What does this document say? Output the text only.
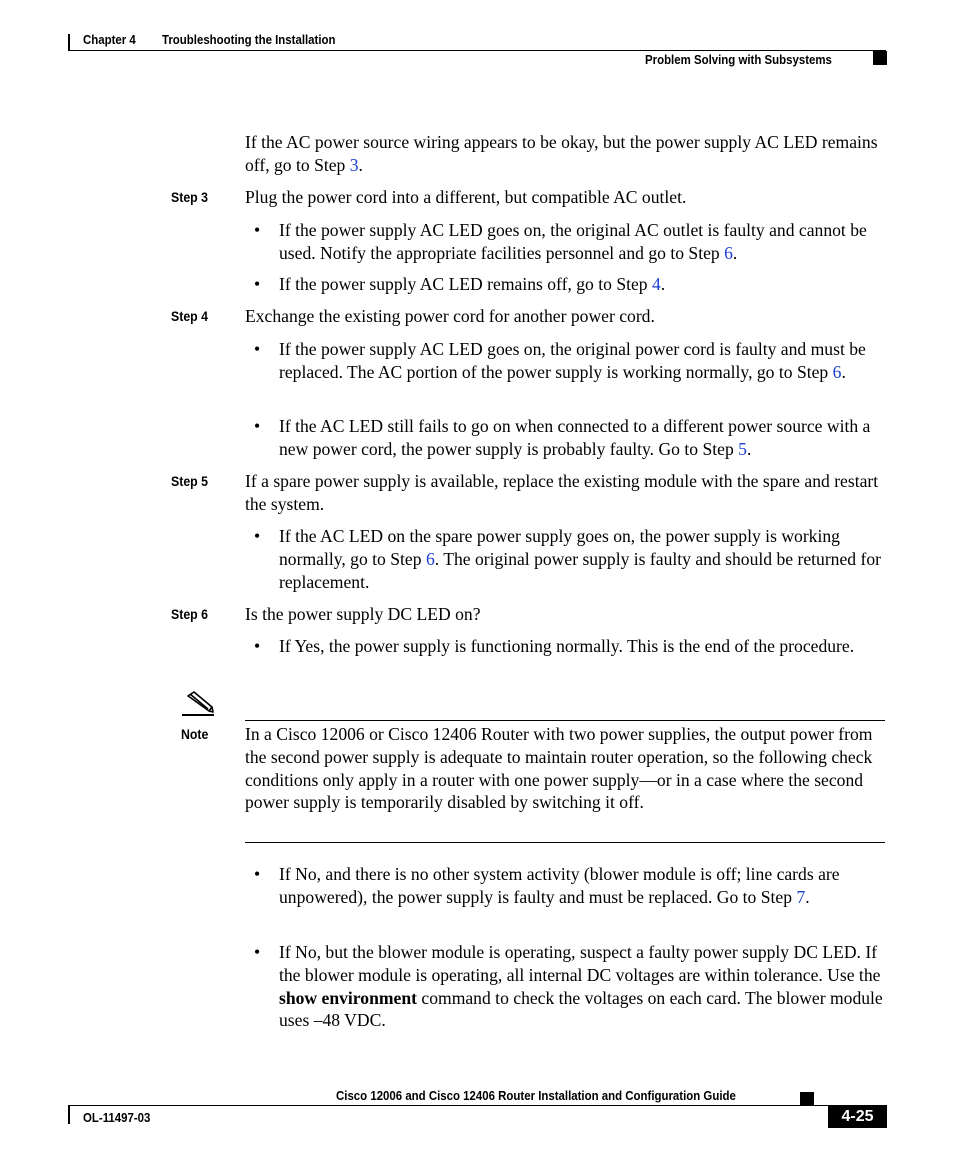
Chapter 4 Troubleshooting the Installation
Problem Solving with Subsystems
If the AC power source wiring appears to be okay, but the power supply AC LED remains off, go to Step 3.
Step 3 Plug the power cord into a different, but compatible AC outlet.
• If the power supply AC LED goes on, the original AC outlet is faulty and cannot be used. Notify the appropriate facilities personnel and go to Step 6.
• If the power supply AC LED remains off, go to Step 4.
Step 4 Exchange the existing power cord for another power cord.
• If the power supply AC LED goes on, the original power cord is faulty and must be replaced. The AC portion of the power supply is working normally, go to Step 6.
• If the AC LED still fails to go on when connected to a different power source with a new power cord, the power supply is probably faulty. Go to Step 5.
Step 5 If a spare power supply is available, replace the existing module with the spare and restart the system.
• If the AC LED on the spare power supply goes on, the power supply is working normally, go to Step 6. The original power supply is faulty and should be returned for replacement.
Step 6 Is the power supply DC LED on?
• If Yes, the power supply is functioning normally. This is the end of the procedure.
Note In a Cisco 12006 or Cisco 12406 Router with two power supplies, the output power from the second power supply is adequate to maintain router operation, so the following check conditions only apply in a router with one power supply—or in a case where the second power supply is temporarily disabled by switching it off.
• If No, and there is no other system activity (blower module is off; line cards are unpowered), the power supply is faulty and must be replaced. Go to Step 7.
• If No, but the blower module is operating, suspect a faulty power supply DC LED. If the blower module is operating, all internal DC voltages are within tolerance. Use the show environment command to check the voltages on each card. The blower module uses –48 VDC.
Cisco 12006 and Cisco 12406 Router Installation and Configuration Guide
OL-11497-03	4-25
